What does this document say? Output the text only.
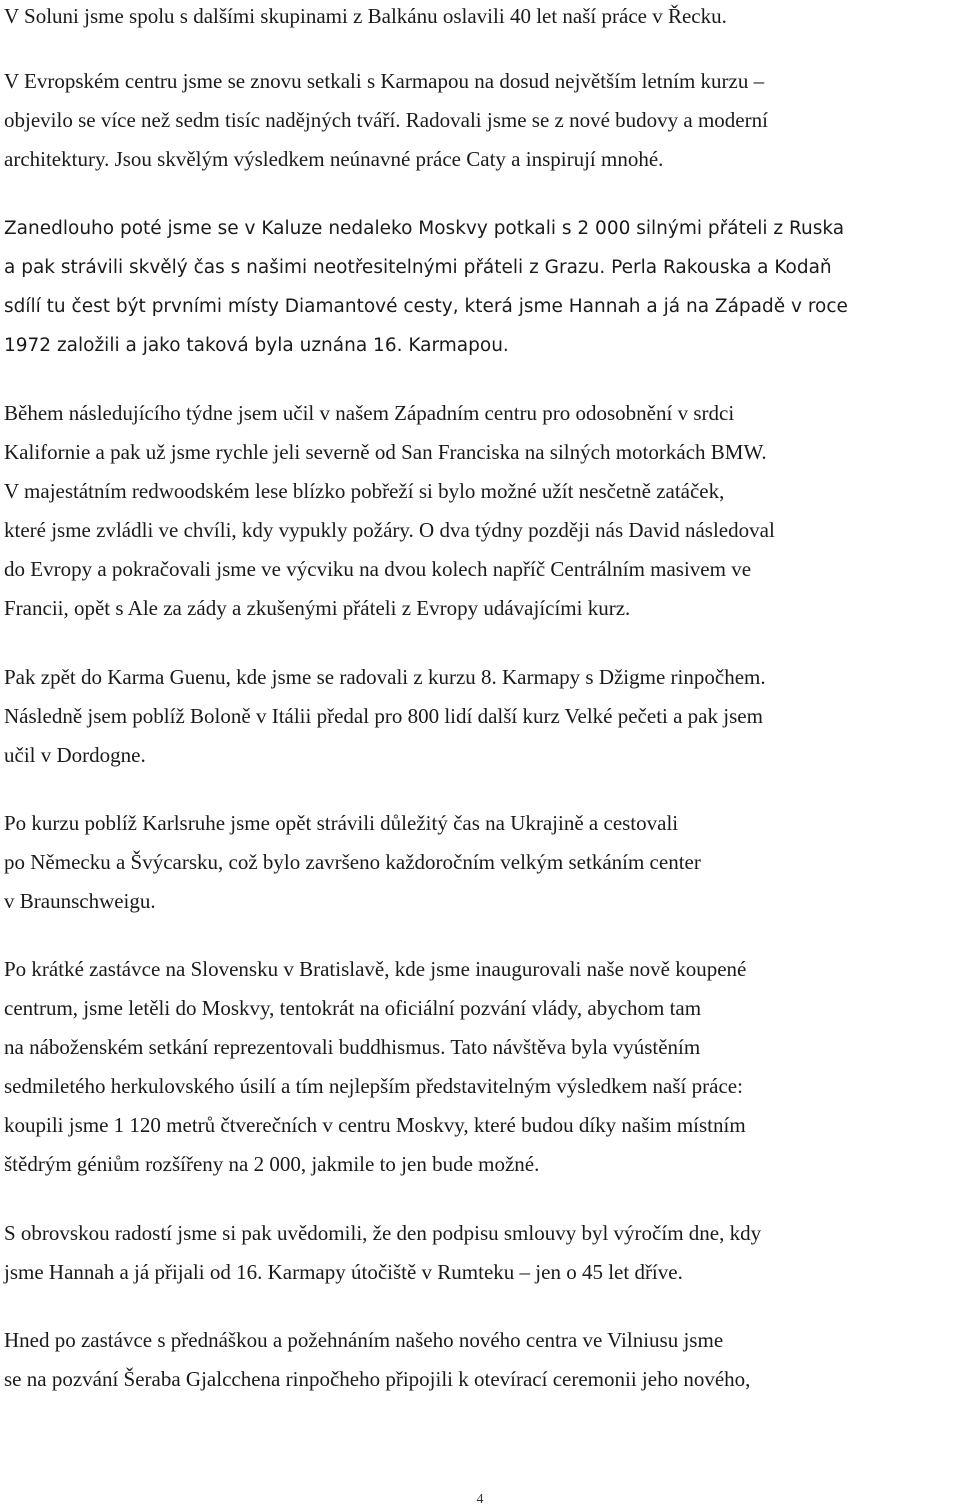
V Soluni jsme spolu s dalšími skupinami z Balkánu oslavili 40 let naší práce v Řecku.
V Evropském centru jsme se znovu setkali s Karmapou na dosud největším letním kurzu –
objevilo se více než sedm tisíc nadějných tváří. Radovali jsme se z nové budovy a moderní
architektury. Jsou skvělým výsledkem neúnavné práce Caty a inspirují mnohé.
Zanedlouho poté jsme se v Kaluze nedaleko Moskvy potkali s 2 000 silnými přáteli z Ruska
a pak strávili skvělý čas s našimi neotřesitelnými přáteli z Grazu. Perla Rakouska a Kodaň
sdílí tu čest být prvními místy Diamantové cesty, která jsme Hannah a já na Západě v roce
1972 založili a jako taková byla uznána 16. Karmapou.
Během následujícího týdne jsem učil v našem Západním centru pro odosobnění v srdci
Kalifornie a pak už jsme rychle jeli severně od San Franciska na silných motorkách BMW.
V majestátním redwoodském lese blízko pobřeží si bylo možné užít nesčetně zatáček,
které jsme zvládli ve chvíli, kdy vypukly požáry. O dva týdny později nás David následoval
do Evropy a pokračovali jsme ve výcviku na dvou kolech napříč Centrálním masivem ve
Francii, opět s Ale za zády a zkušenými přáteli z Evropy udávajícími kurz.
Pak zpět do Karma Guenu, kde jsme se radovali z kurzu 8. Karmapy s Džigme rinpočhem.
Následně jsem poblíž Boloně v Itálii předal pro 800 lidí další kurz Velké pečeti a pak jsem
učil v Dordogne.
Po kurzu poblíž Karlsruhe jsme opět strávili důležitý čas na Ukrajině a cestovali
po Německu a Švýcarsku, což bylo završeno každoročním velkým setkáním center
v Braunschweigu.
Po krátké zastávce na Slovensku v Bratislavě, kde jsme inaugurovali naše nově koupené
centrum, jsme letěli do Moskvy, tentokrát na oficiální pozvání vlády, abychom tam
na náboženském setkání reprezentovali buddhismus. Tato návštěva byla vyústěním
sedmiletého herkulovského úsilí a tím nejlepším představitelným výsledkem naší práce:
koupili jsme 1 120 metrů čtverečních v centru Moskvy, které budou díky našim místním
štědrým géniům rozšířeny na 2 000, jakmile to jen bude možné.
S obrovskou radostí jsme si pak uvědomili, že den podpisu smlouvy byl výročím dne, kdy
jsme Hannah a já přijali od 16. Karmapy útočiště v Rumteku – jen o 45 let dříve.
Hned po zastávce s přednáškou a požehnáním našeho nového centra ve Vilniusu jsme
se na pozvání Šeraba Gjalcchena rinpočheho připojili k otevírací ceremonii jeho nového,
4
